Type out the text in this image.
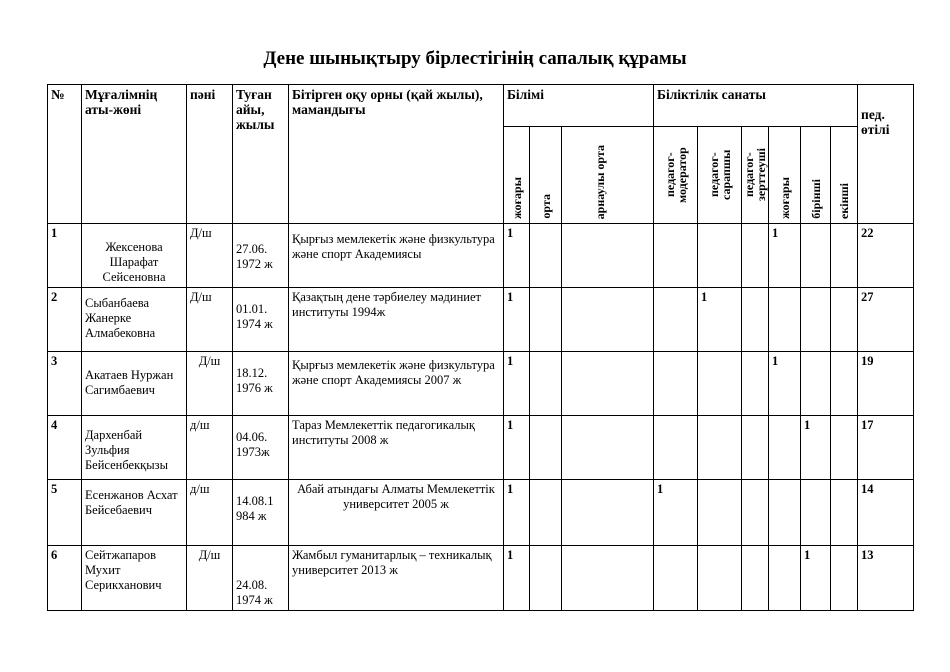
Дене шынықтыру бірлестігінің сапалық құрамы
№	Мұғалімнің аты-жөні	пәні	Туған айы, жылы	Бітірген оқу орны (қай жылы), мамандығы	Білімі			Біліктілік санаты						пед. өтілі

					жоғары	орта	арнаулы орта	педагог-модератор	педагог-сарапшы	педагог-зерттеуші	жоғары	бірінші	екінші	

1	Жексенова Шарафат Сейсеновна	Д/ш	27.06. 1972 ж	Қырғыз мемлекетік және физкультура және спорт Академиясы	1						1			22
2	Сыбанбаева Жанерке Алмабековна	Д/ш	01.01. 1974 ж	Қазақтың дене тәрбиелеу мәдиниет институты 1994ж	1				1					27
3	Акатаев Нуржан Сагимбаевич	Д/ш	18.12. 1976 ж	Қырғыз мемлекетік және физкультура және спорт Академиясы 2007 ж	1						1			19
4	Дархенбай Зульфия Бейсенбекқызы	д/ш	04.06. 1973ж	Тараз Мемлекеттік педагогикалық институты 2008 ж	1							1		17
5	Есенжанов Асхат Бейсебаевич	д/ш	14.08.1 984 ж	Абай атындағы Алматы Мемлекеттік университет 2005 ж	1			1						14
6	Сейтжапаров Мухит Серикханович	Д/ш	24.08. 1974 ж	Жамбыл гуманитарлық – техникалық университет 2013 ж	1							1		13
